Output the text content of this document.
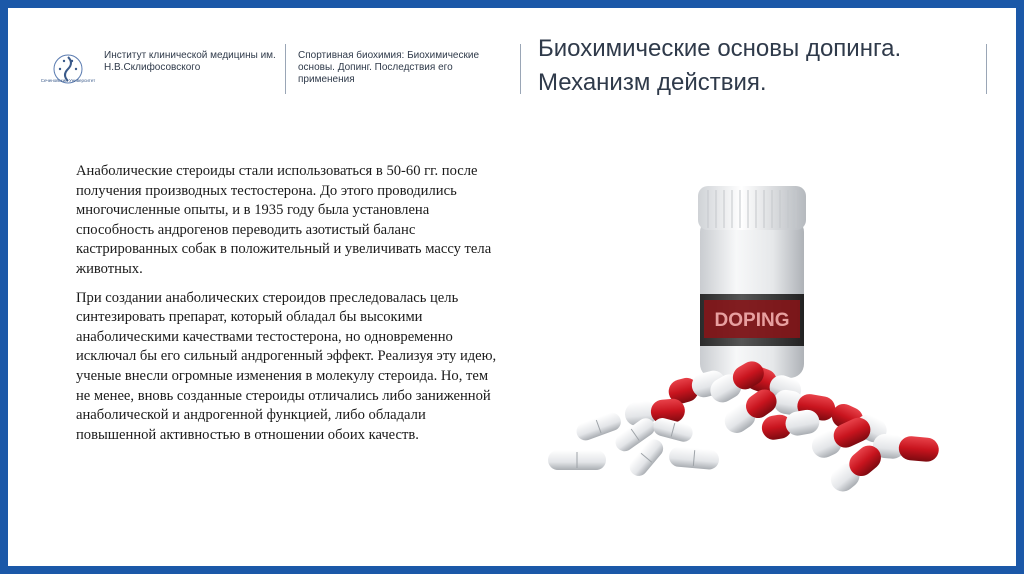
Сеченовский Университет
Институт клинической медицины им. Н.В.Склифосовского
Спортивная биохимия: Биохимические основы. Допинг. Последствия его применения
Биохимические основы допинга.
Механизм действия.

Анаболические стероиды стали использоваться в 50-60 гг. после получения производных тестостерона. До этого проводились многочисленные опыты, и в 1935 году была установлена способность андрогенов переводить азотистый баланс кастрированных собак в положительный и увеличивать массу тела животных.

При создании анаболических стероидов преследовалась цель синтезировать препарат, который обладал бы высокими анаболическими качествами тестостерона, но одновременно исключал бы его сильный андрогенный эффект. Реализуя эту идею, ученые внесли огромные изменения в молекулу стероида. Но, тем не менее, вновь созданные стероиды отличались либо заниженной анаболической и андрогенной функцией, либо обладали повышенной активностью в отношении обоих качеств.

DOPING
